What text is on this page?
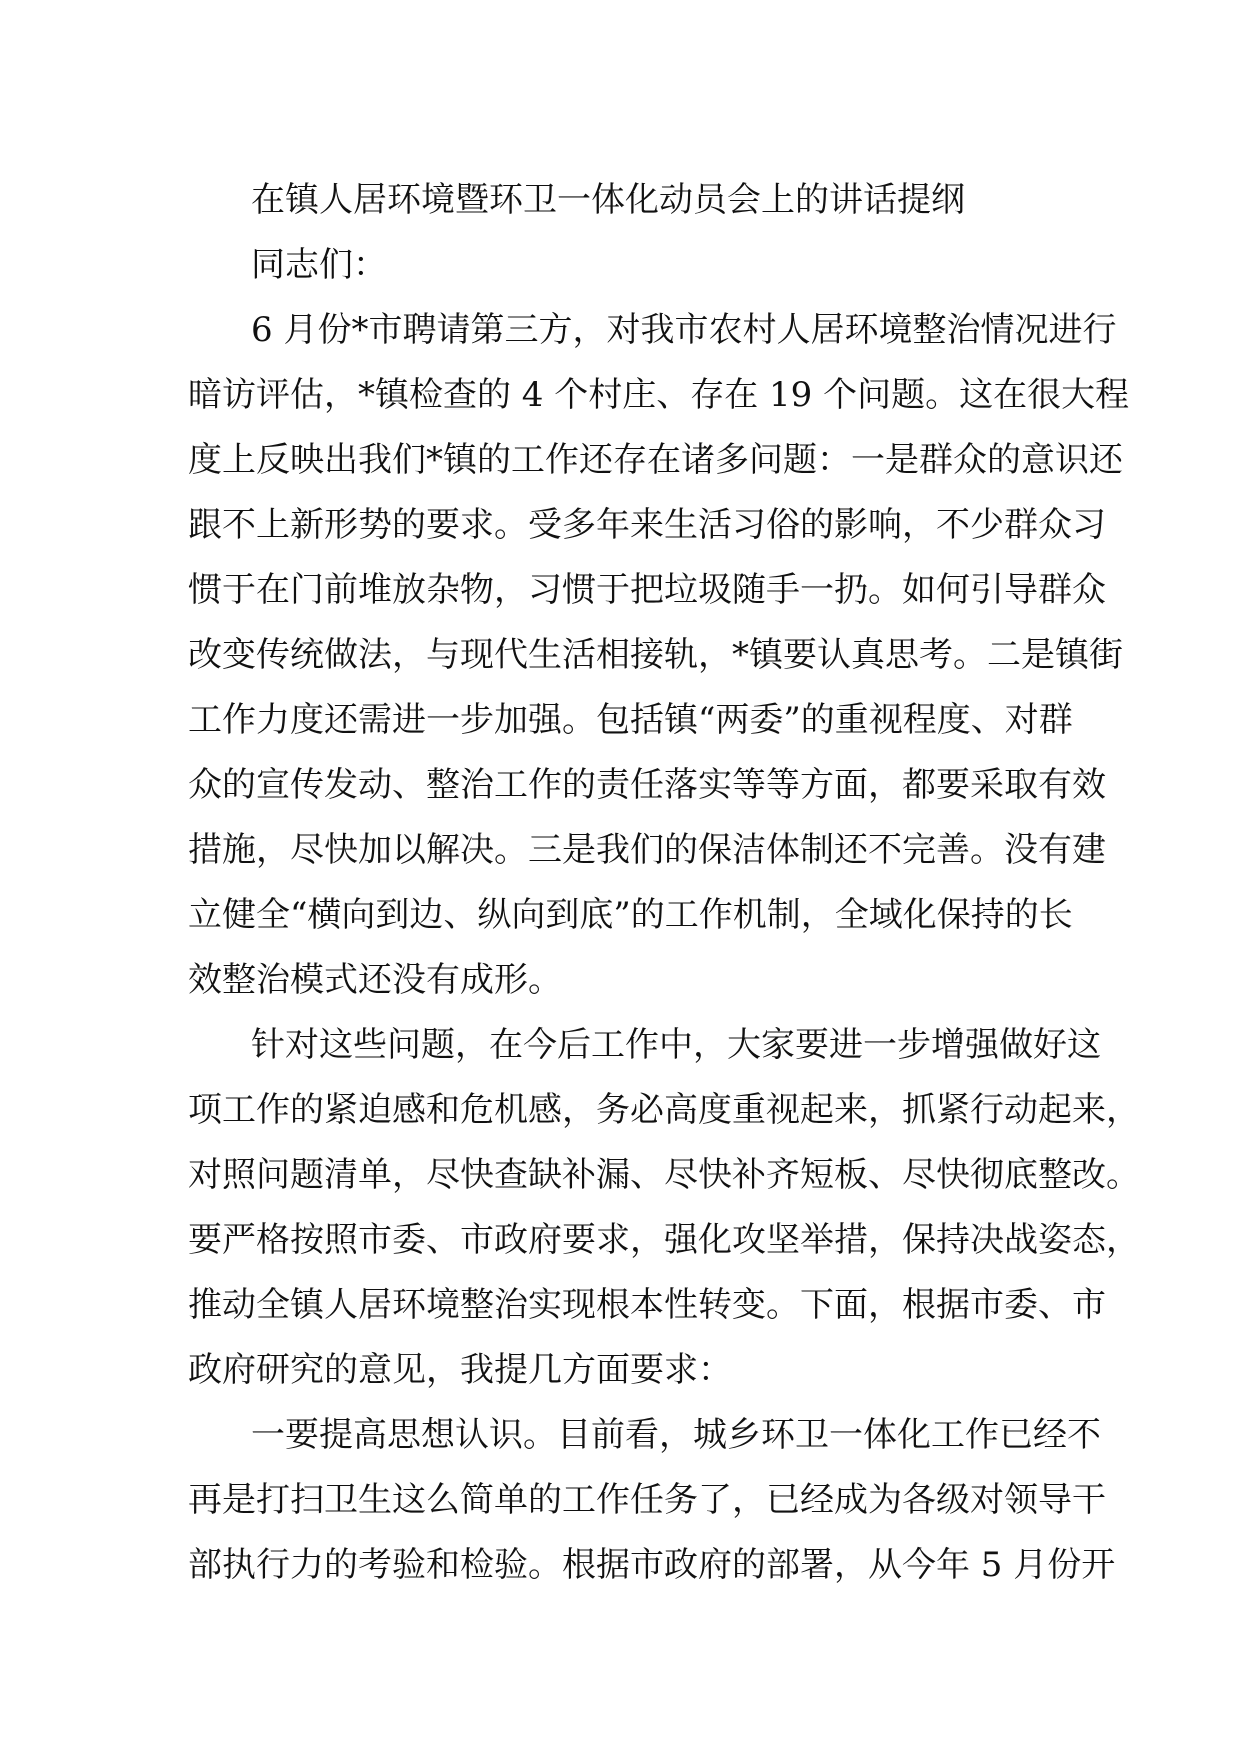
在镇人居环境暨环卫一体化动员会上的讲话提纲
同志们：
6 月份*市聘请第三方，对我市农村人居环境整治情况进行
暗访评估，*镇检查的 4 个村庄、存在 19 个问题。这在很大程
度上反映出我们*镇的工作还存在诸多问题：一是群众的意识还
跟不上新形势的要求。受多年来生活习俗的影响，不少群众习
惯于在门前堆放杂物，习惯于把垃圾随手一扔。如何引导群众
改变传统做法，与现代生活相接轨，*镇要认真思考。二是镇街
工作力度还需进一步加强。包括镇“两委”的重视程度、对群
众的宣传发动、整治工作的责任落实等等方面，都要采取有效
措施，尽快加以解决。三是我们的保洁体制还不完善。没有建
立健全“横向到边、纵向到底”的工作机制，全域化保持的长
效整治模式还没有成形。
针对这些问题，在今后工作中，大家要进一步增强做好这
项工作的紧迫感和危机感，务必高度重视起来，抓紧行动起来，
对照问题清单，尽快查缺补漏、尽快补齐短板、尽快彻底整改。
要严格按照市委、市政府要求，强化攻坚举措，保持决战姿态，
推动全镇人居环境整治实现根本性转变。下面，根据市委、市
政府研究的意见，我提几方面要求：
一要提高思想认识。目前看，城乡环卫一体化工作已经不
再是打扫卫生这么简单的工作任务了，已经成为各级对领导干
部执行力的考验和检验。根据市政府的部署，从今年 5 月份开
